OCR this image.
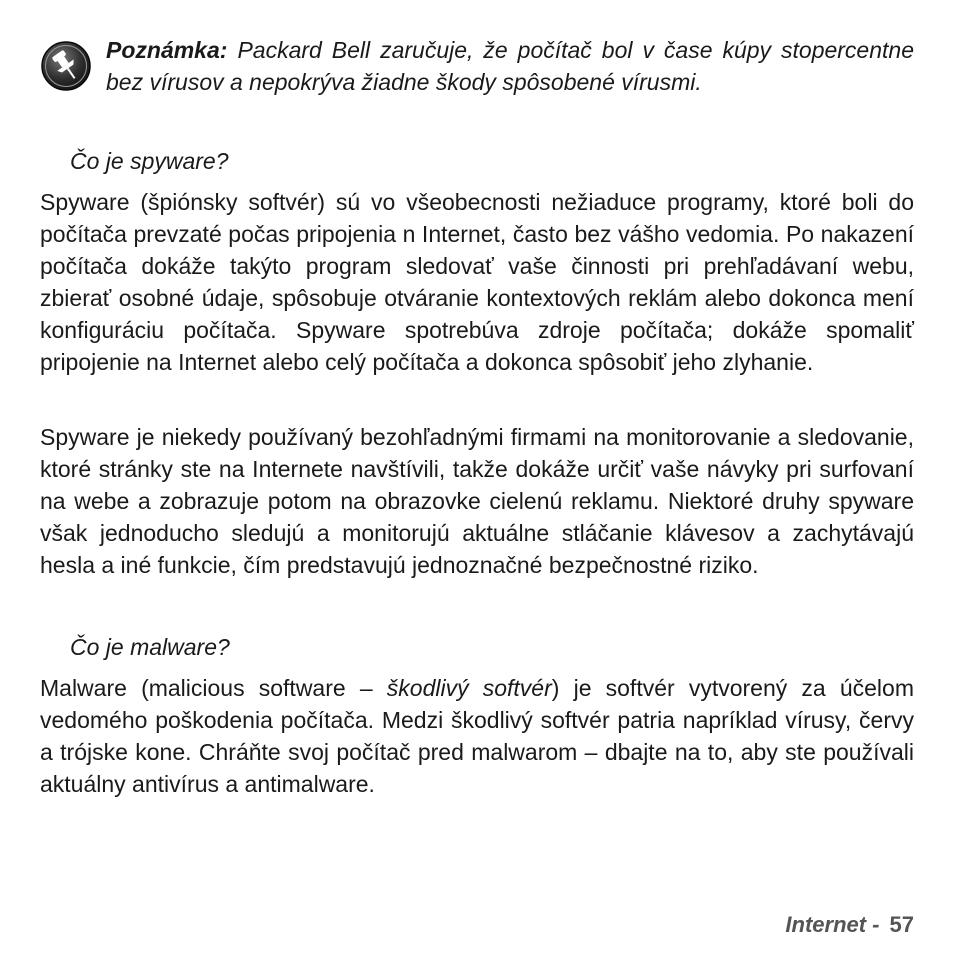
Poznámka: Packard Bell zaručuje, že počítač bol v čase kúpy stopercentne bez vírusov a nepokrýva žiadne škody spôsobené vírusmi.
Čo je spyware?

Spyware (špiónsky softvér) sú vo všeobecnosti nežiaduce programy, ktoré boli do počítača prevzaté počas pripojenia n Internet, často bez vášho vedomia. Po nakazení počítača dokáže takýto program sledovať vaše činnosti pri prehľadávaní webu, zbierať osobné údaje, spôsobuje otváranie kontextových reklám alebo dokonca mení konfiguráciu počítača. Spyware spotrebúva zdroje počítača; dokáže spomaliť pripojenie na Internet alebo celý počítača a dokonca spôsobiť jeho zlyhanie.

Spyware je niekedy používaný bezohľadnými firmami na monitorovanie a sledovanie, ktoré stránky ste na Internete navštívili, takže dokáže určiť vaše návyky pri surfovaní na webe a zobrazuje potom na obrazovke cielenú reklamu. Niektoré druhy spyware však jednoducho sledujú a monitorujú aktuálne stláčanie klávesov a zachytávajú hesla a iné funkcie, čím predstavujú jednoznačné bezpečnostné riziko.

Čo je malware?

Malware (malicious software – škodlivý softvér) je softvér vytvorený za účelom vedomého poškodenia počítača. Medzi škodlivý softvér patria napríklad vírusy, červy a trójske kone. Chráňte svoj počítač pred malwarom – dbajte na to, aby ste používali aktuálny antivírus a antimalware.

Internet - 57
